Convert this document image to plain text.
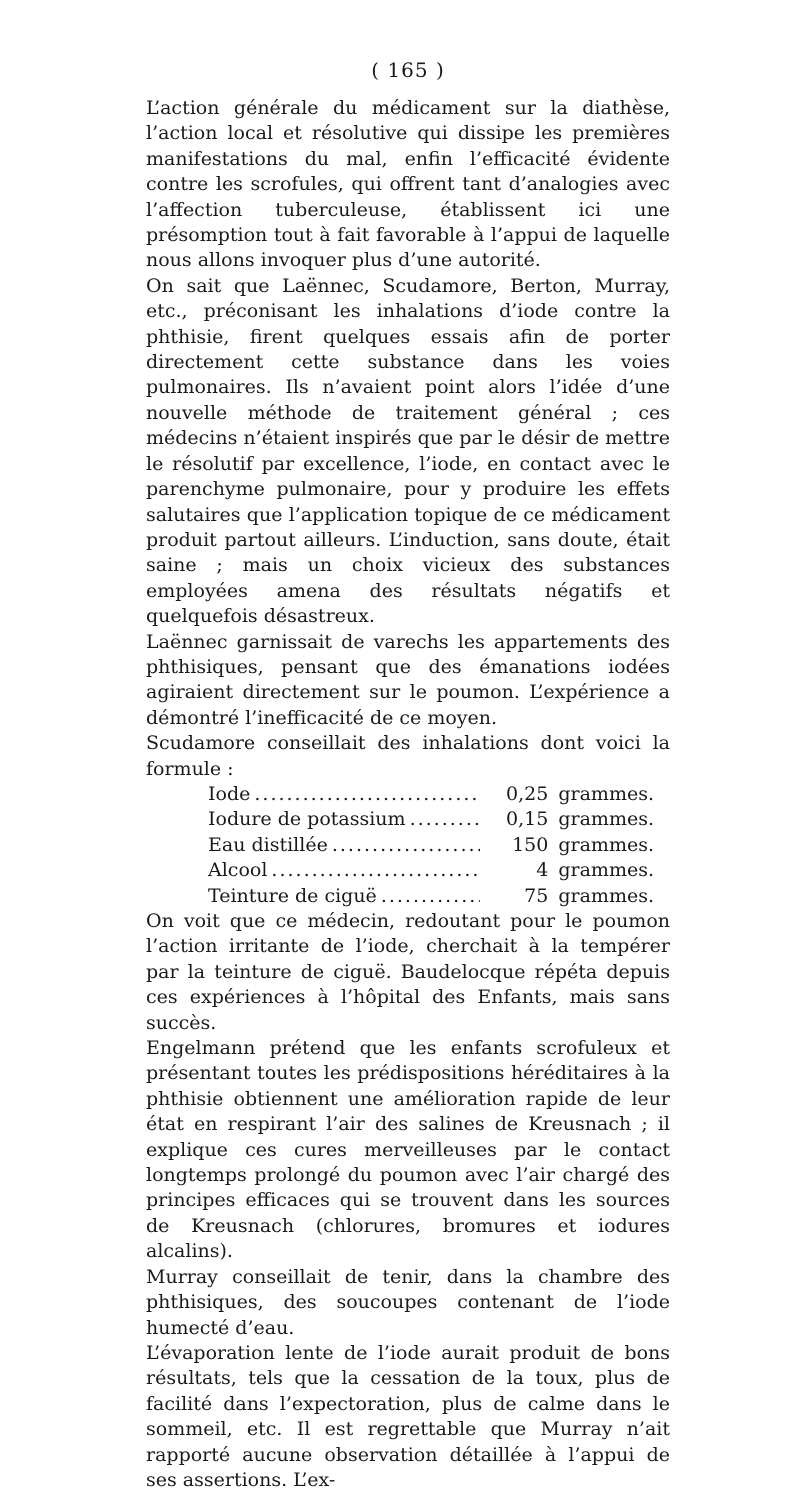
( 165 )

L’action générale du médicament sur la diathèse, l’action local et résolutive qui dissipe les premières manifestations du mal, enfin l’efficacité évidente contre les scrofules, qui offrent tant d’analogies avec l’affection tuberculeuse, établissent ici une présomption tout à fait favorable à l’appui de laquelle nous allons invoquer plus d’une autorité.

On sait que Laënnec, Scudamore, Berton, Murray, etc., préconisant les inhalations d’iode contre la phthisie, firent quelques essais afin de porter directement cette substance dans les voies pulmonaires. Ils n’avaient point alors l’idée d’une nouvelle méthode de traitement général ; ces médecins n’étaient inspirés que par le désir de mettre le résolutif par excellence, l’iode, en contact avec le parenchyme pulmonaire, pour y produire les effets salutaires que l’application topique de ce médicament produit partout ailleurs. L’induction, sans doute, était saine ; mais un choix vicieux des substances employées amena des résultats négatifs et quelquefois désastreux.

Laënnec garnissait de varechs les appartements des phthisiques, pensant que des émanations iodées agiraient directement sur le poumon. L’expérience a démontré l’inefficacité de ce moyen.

Scudamore conseillait des inhalations dont voici la formule :

Iode .....	0,25 grammes.
Iodure de potassium .....	0,15 grammes.
Eau distillée .....	150 grammes.
Alcool .....	4 grammes.
Teinture de ciguë .....	75 grammes.

On voit que ce médecin, redoutant pour le poumon l’action irritante de l’iode, cherchait à la tempérer par la teinture de ciguë. Baudelocque répéta depuis ces expériences à l’hôpital des Enfants, mais sans succès.

Engelmann prétend que les enfants scrofuleux et présentant toutes les prédispositions héréditaires à la phthisie obtiennent une amélioration rapide de leur état en respirant l’air des salines de Kreusnach ; il explique ces cures merveilleuses par le contact longtemps prolongé du poumon avec l’air chargé des principes efficaces qui se trouvent dans les sources de Kreusnach (chlorures, bromures et iodures alcalins).

Murray conseillait de tenir, dans la chambre des phthisiques, des soucoupes contenant de l’iode humecté d’eau.

L’évaporation lente de l’iode aurait produit de bons résultats, tels que la cessation de la toux, plus de facilité dans l’expectoration, plus de calme dans le sommeil, etc. Il est regrettable que Murray n’ait rapporté aucune observation détaillée à l’appui de ses assertions. L’ex-
